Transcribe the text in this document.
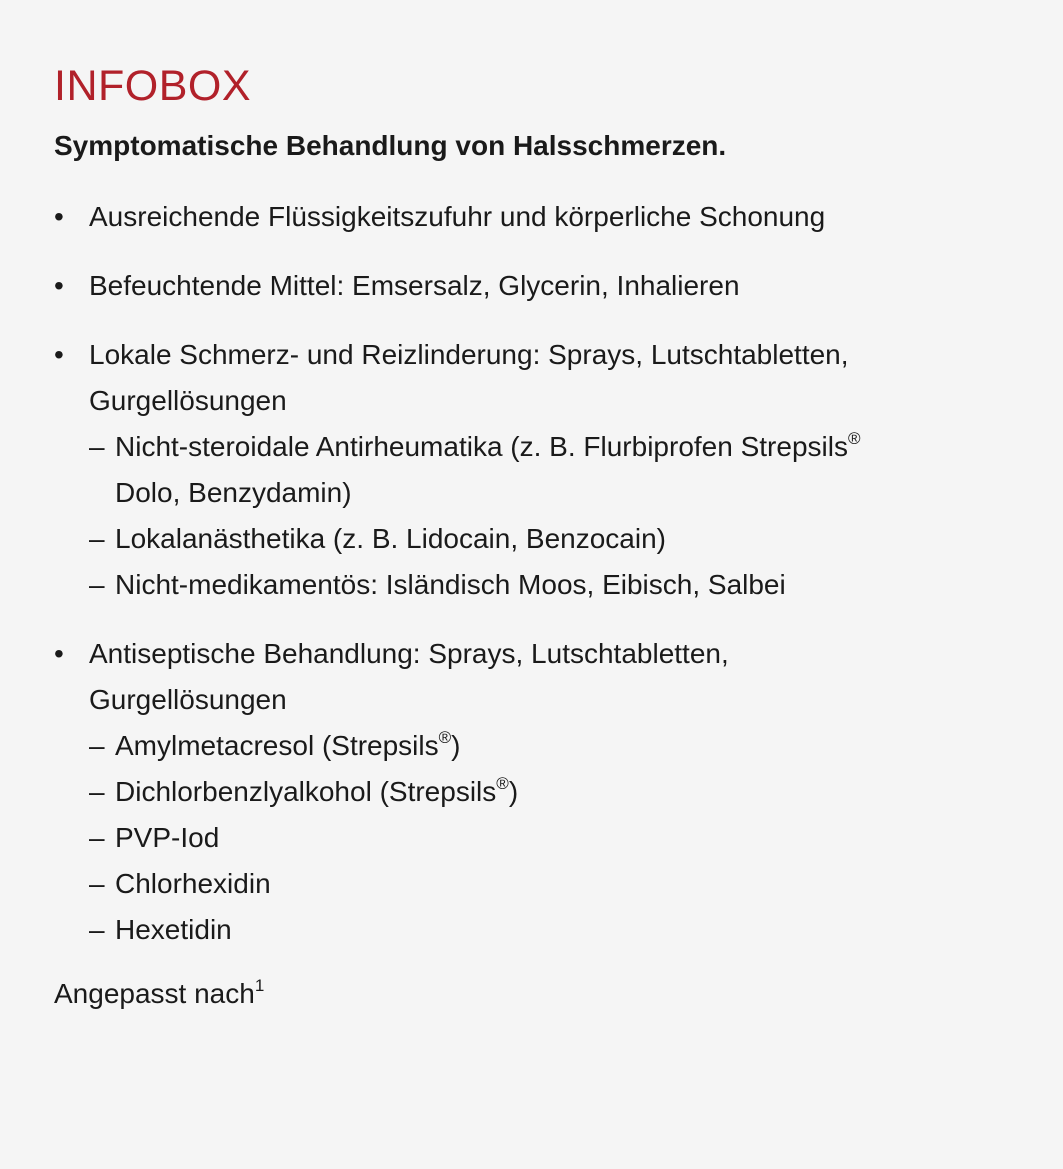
INFOBOX

Symptomatische Behandlung von Halsschmerzen.

• Ausreichende Flüssigkeitszufuhr und körperliche Schonung
• Befeuchtende Mittel: Emsersalz, Glycerin, Inhalieren
• Lokale Schmerz- und Reizlinderung: Sprays, Lutschtabletten, Gurgellösungen
– Nicht-steroidale Antirheumatika (z. B. Flurbiprofen Strepsils® Dolo, Benzydamin)
– Lokalanästhetika (z. B. Lidocain, Benzocain)
– Nicht-medikamentös: Isländisch Moos, Eibisch, Salbei
• Antiseptische Behandlung: Sprays, Lutschtabletten, Gurgellösungen
– Amylmetacresol (Strepsils®)
– Dichlorbenzlyalkohol (Strepsils®)
– PVP-Iod
– Chlorhexidin
– Hexetidin

Angepasst nach$^1$
